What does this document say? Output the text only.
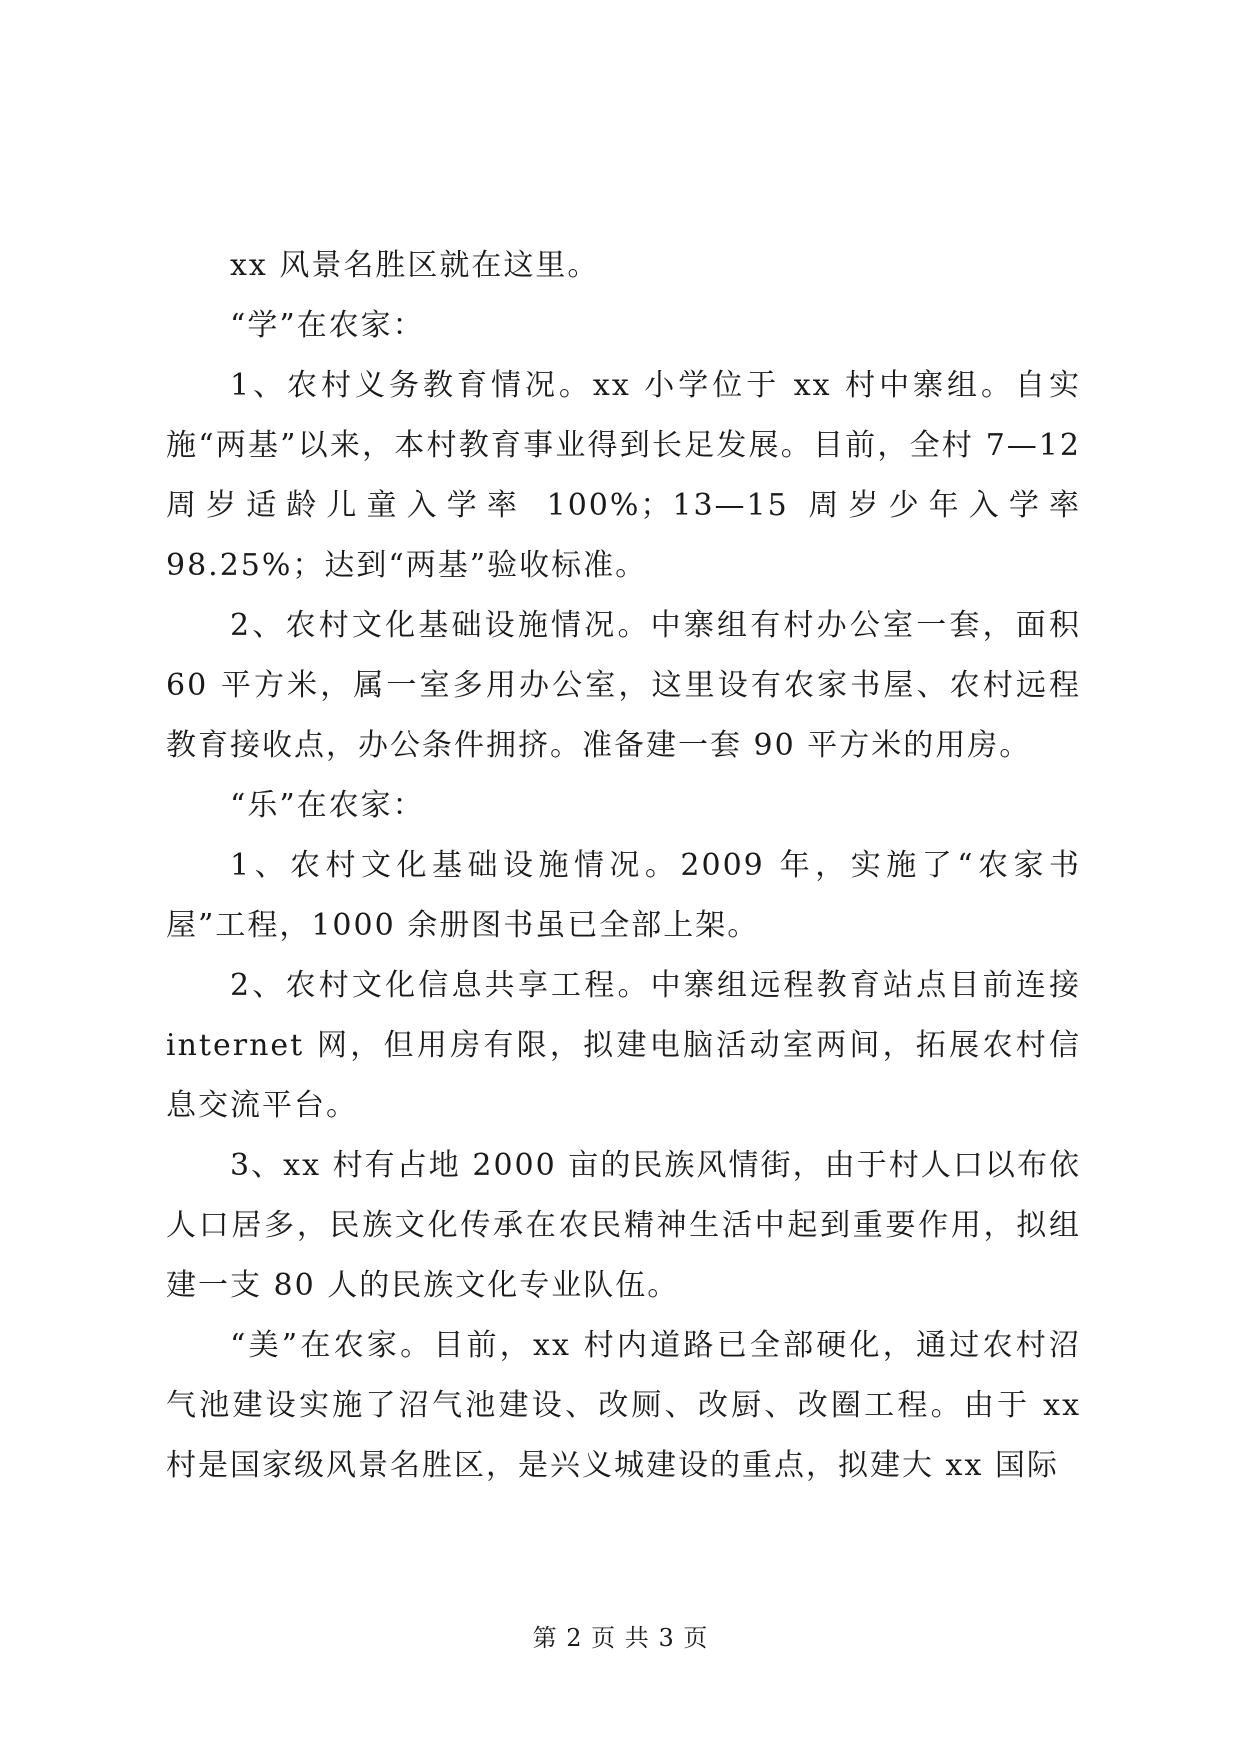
xx 风景名胜区就在这里。

“学”在农家：

1、农村义务教育情况。xx 小学位于 xx 村中寨组。自实施“两基”以来，本村教育事业得到长足发展。目前，全村 7—12 周岁适龄儿童入学率 100%；13—15 周岁少年入学率 98.25%；达到“两基”验收标准。

2、农村文化基础设施情况。中寨组有村办公室一套，面积 60 平方米，属一室多用办公室，这里设有农家书屋、农村远程教育接收点，办公条件拥挤。准备建一套 90 平方米的用房。

“乐”在农家：

1、农村文化基础设施情况。2009 年，实施了“农家书屋”工程，1000 余册图书虽已全部上架。

2、农村文化信息共享工程。中寨组远程教育站点目前连接 internet 网，但用房有限，拟建电脑活动室两间，拓展农村信息交流平台。

3、xx 村有占地 2000 亩的民族风情街，由于村人口以布依人口居多，民族文化传承在农民精神生活中起到重要作用，拟组建一支 80 人的民族文化专业队伍。

“美”在农家。目前，xx 村内道路已全部硬化，通过农村沼气池建设实施了沼气池建设、改厕、改厨、改圈工程。由于 xx 村是国家级风景名胜区，是兴义城建设的重点，拟建大 xx 国际

第 2 页 共 3 页
